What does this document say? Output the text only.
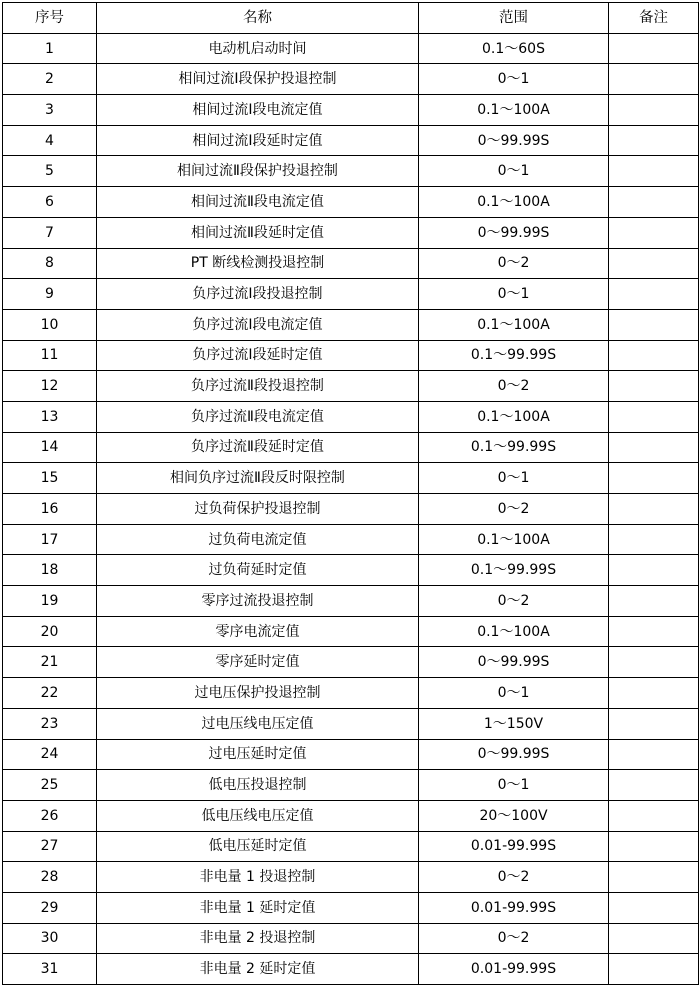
序号	名称	范围	备注
1	电动机启动时间	0.1～60S	
2	相间过流Ⅰ段保护投退控制	0～1	
3	相间过流Ⅰ段电流定值	0.1～100A	
4	相间过流Ⅰ段延时定值	0～99.99S	
5	相间过流Ⅱ段保护投退控制	0～1	
6	相间过流Ⅱ段电流定值	0.1～100A	
7	相间过流Ⅱ段延时定值	0～99.99S	
8	PT 断线检测投退控制	0～2	
9	负序过流Ⅰ段投退控制	0～1	
10	负序过流Ⅰ段电流定值	0.1～100A	
11	负序过流Ⅰ段延时定值	0.1～99.99S	
12	负序过流Ⅱ段投退控制	0～2	
13	负序过流Ⅱ段电流定值	0.1～100A	
14	负序过流Ⅱ段延时定值	0.1～99.99S	
15	相间负序过流Ⅱ段反时限控制	0～1	
16	过负荷保护投退控制	0～2	
17	过负荷电流定值	0.1～100A	
18	过负荷延时定值	0.1～99.99S	
19	零序过流投退控制	0～2	
20	零序电流定值	0.1～100A	
21	零序延时定值	0～99.99S	
22	过电压保护投退控制	0～1	
23	过电压线电压定值	1～150V	
24	过电压延时定值	0～99.99S	
25	低电压投退控制	0～1	
26	低电压线电压定值	20～100V	
27	低电压延时定值	0.01-99.99S	
28	非电量 1 投退控制	0～2	
29	非电量 1 延时定值	0.01-99.99S	
30	非电量 2 投退控制	0～2	
31	非电量 2 延时定值	0.01-99.99S	
